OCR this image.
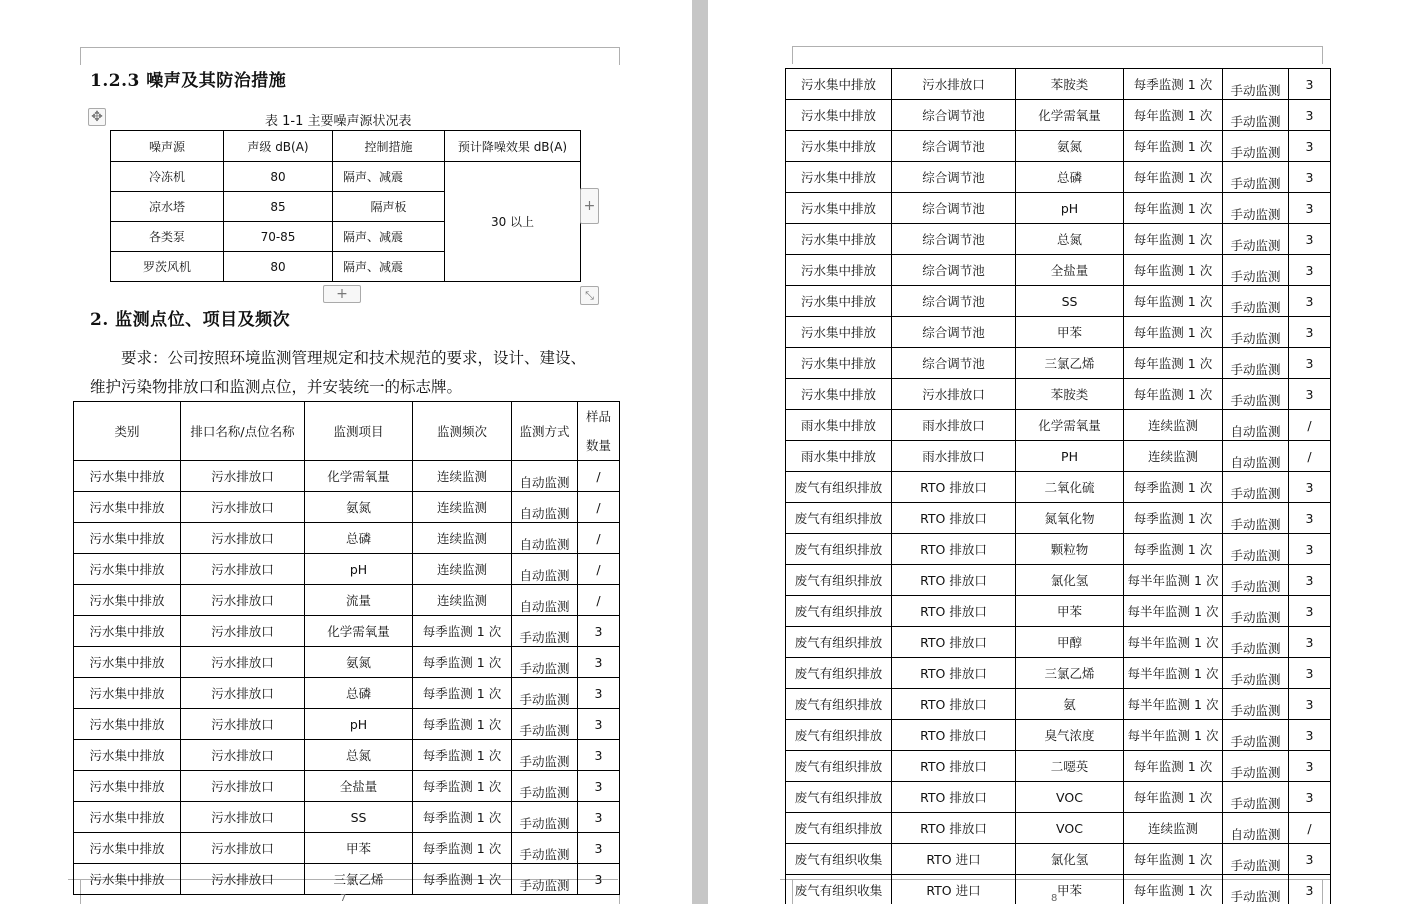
1.2.3 噪声及其防治措施
✥	表 1-1 主要噪声源状况表
噪声源	声级 dB(A)	控制措施	预计降噪效果 dB(A)
冷冻机	80	隔声、减震	30 以上
凉水塔	85	隔声板	
各类泵	70-85	隔声、减震	
罗茨风机	80	隔声、减震	
+
+	⤡
2. 监测点位、项目及频次
要求：公司按照环境监测管理规定和技术规范的要求，设计、建设、
维护污染物排放口和监测点位，并安装统一的标志牌。
类别	排口名称/点位名称	监测项目	监测频次	监测方式	样品
数量

污水集中排放	污水排放口	化学需氧量	连续监测	自动监测	/
污水集中排放	污水排放口	氨氮	连续监测	自动监测	/
污水集中排放	污水排放口	总磷	连续监测	自动监测	/
污水集中排放	污水排放口	pH	连续监测	自动监测	/
污水集中排放	污水排放口	流量	连续监测	自动监测	/
污水集中排放	污水排放口	化学需氧量	每季监测 1 次	手动监测	3
污水集中排放	污水排放口	氨氮	每季监测 1 次	手动监测	3
污水集中排放	污水排放口	总磷	每季监测 1 次	手动监测	3
污水集中排放	污水排放口	pH	每季监测 1 次	手动监测	3
污水集中排放	污水排放口	总氮	每季监测 1 次	手动监测	3
污水集中排放	污水排放口	全盐量	每季监测 1 次	手动监测	3
污水集中排放	污水排放口	SS	每季监测 1 次	手动监测	3
污水集中排放	污水排放口	甲苯	每季监测 1 次	手动监测	3
污水集中排放	污水排放口	三氯乙烯	每季监测 1 次	手动监测	3
7
污水集中排放	污水排放口	苯胺类	每季监测 1 次	手动监测	3
污水集中排放	综合调节池	化学需氧量	每年监测 1 次	手动监测	3
污水集中排放	综合调节池	氨氮	每年监测 1 次	手动监测	3
污水集中排放	综合调节池	总磷	每年监测 1 次	手动监测	3
污水集中排放	综合调节池	pH	每年监测 1 次	手动监测	3
污水集中排放	综合调节池	总氮	每年监测 1 次	手动监测	3
污水集中排放	综合调节池	全盐量	每年监测 1 次	手动监测	3
污水集中排放	综合调节池	SS	每年监测 1 次	手动监测	3
污水集中排放	综合调节池	甲苯	每年监测 1 次	手动监测	3
污水集中排放	综合调节池	三氯乙烯	每年监测 1 次	手动监测	3
污水集中排放	污水排放口	苯胺类	每年监测 1 次	手动监测	3
雨水集中排放	雨水排放口	化学需氧量	连续监测	自动监测	/
雨水集中排放	雨水排放口	PH	连续监测	自动监测	/
废气有组织排放	RTO 排放口	二氧化硫	每季监测 1 次	手动监测	3
废气有组织排放	RTO 排放口	氮氧化物	每季监测 1 次	手动监测	3
废气有组织排放	RTO 排放口	颗粒物	每季监测 1 次	手动监测	3
废气有组织排放	RTO 排放口	氯化氢	每半年监测 1 次	手动监测	3
废气有组织排放	RTO 排放口	甲苯	每半年监测 1 次	手动监测	3
废气有组织排放	RTO 排放口	甲醇	每半年监测 1 次	手动监测	3
废气有组织排放	RTO 排放口	三氯乙烯	每半年监测 1 次	手动监测	3
废气有组织排放	RTO 排放口	氨	每半年监测 1 次	手动监测	3
废气有组织排放	RTO 排放口	臭气浓度	每半年监测 1 次	手动监测	3
废气有组织排放	RTO 排放口	二噁英	每年监测 1 次	手动监测	3
废气有组织排放	RTO 排放口	VOC	每年监测 1 次	手动监测	3
废气有组织排放	RTO 排放口	VOC	连续监测	自动监测	/
废气有组织收集	RTO 进口	氯化氢	每年监测 1 次	手动监测	3
废气有组织收集	RTO 进口	甲苯	每年监测 1 次	手动监测	3
8
